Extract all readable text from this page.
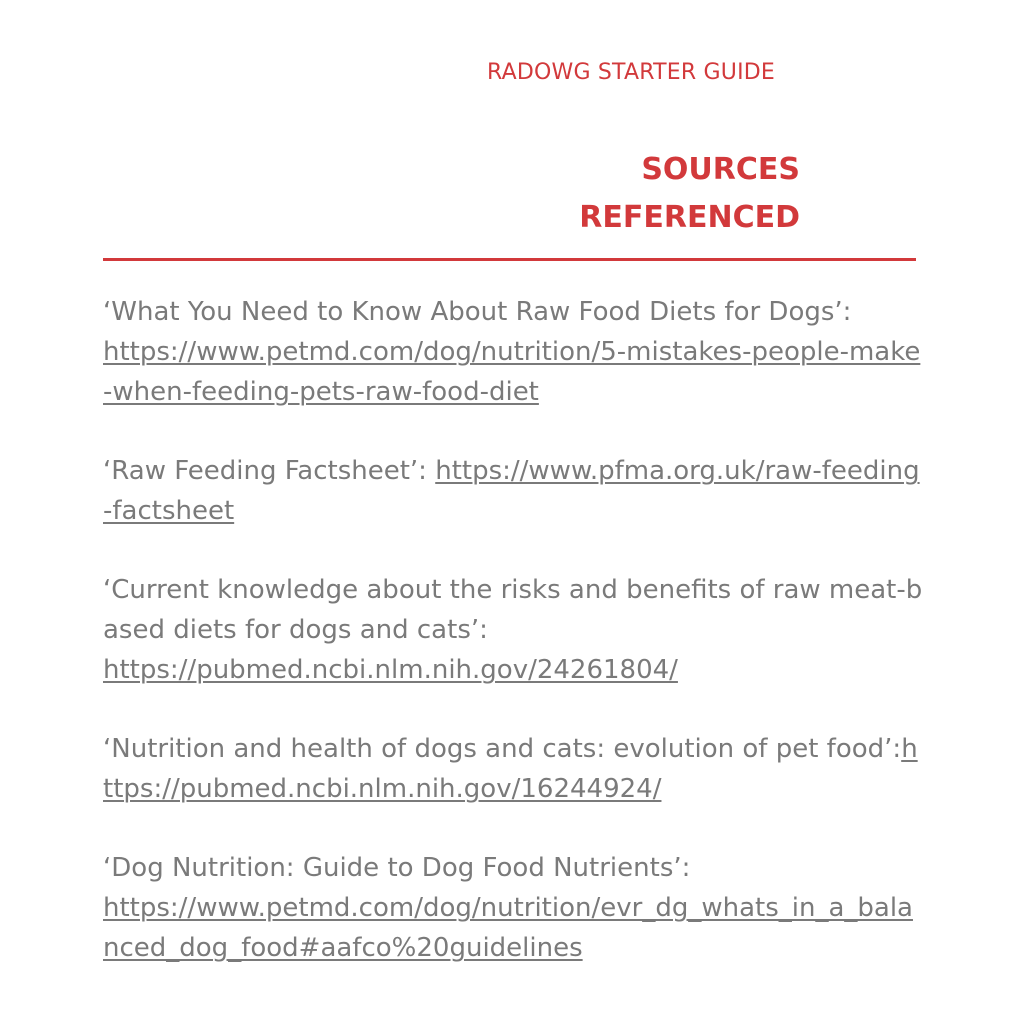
RADOWG STARTER GUIDE
SOURCES
REFERENCED

‘What You Need to Know About Raw Food Diets for Dogs’:
https://www.petmd.com/dog/nutrition/5-mistakes-people-make-when-feeding-pets-raw-food-diet

‘Raw Feeding Factsheet’: https://www.pfma.org.uk/raw-feeding-factsheet

‘Current knowledge about the risks and benefits of raw meat-based diets for dogs and cats’:
https://pubmed.ncbi.nlm.nih.gov/24261804/

‘Nutrition and health of dogs and cats: evolution of pet food’:https://pubmed.ncbi.nlm.nih.gov/16244924/

‘Dog Nutrition: Guide to Dog Food Nutrients’:
https://www.petmd.com/dog/nutrition/evr_dg_whats_in_a_balanced_dog_food#aafco%20guidelines
